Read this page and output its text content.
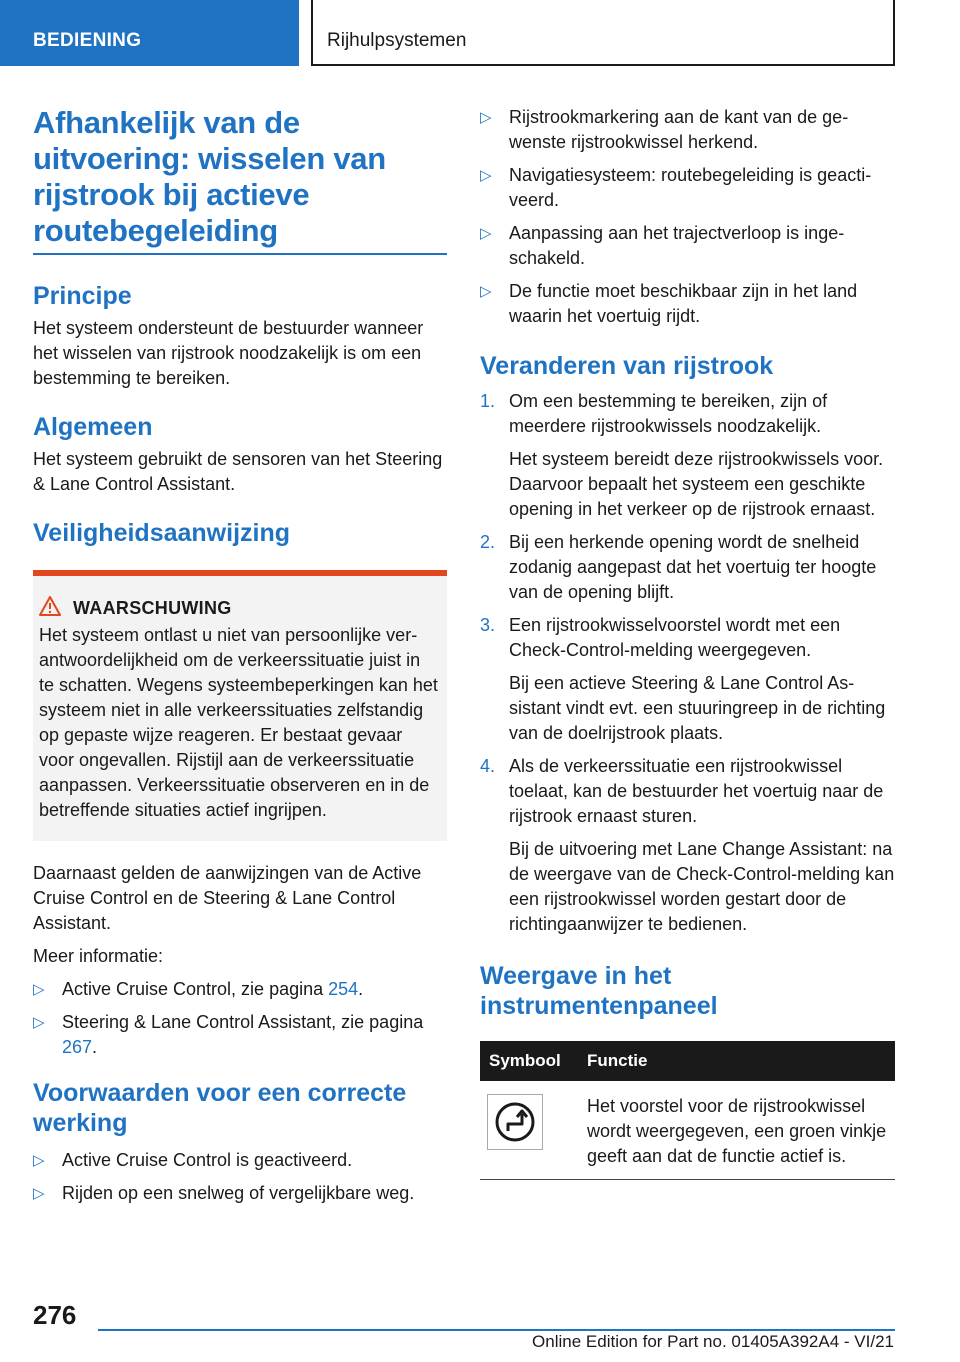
BEDIENING	Rijhulpsystemen
Afhankelijk van de uitvoering: wisselen van rijstrook bij actieve routebegeleiding
Principe

Het systeem ondersteunt de bestuurder wanneer het wisselen van rijstrook noodzakelijk is om een bestemming te bereiken.

Algemeen

Het systeem gebruikt de sensoren van het Steering & Lane Control Assistant.

Veiligheidsaanwijzing
WAARSCHUWING

Het systeem ontlast u niet van persoonlijke verantwoordelijkheid om de verkeerssituatie juist in te schatten. Wegens systeembeperkingen kan het systeem niet in alle verkeerssituaties zelfstandig op gepaste wijze reageren. Er bestaat gevaar voor ongevallen. Rijstijl aan de verkeerssituatie aanpassen. Verkeerssituatie observeren en in de betreffende situaties actief ingrijpen.

Daarnaast gelden de aanwijzingen van de Active Cruise Control en de Steering & Lane Control Assistant.

Meer informatie:

▷ Active Cruise Control, zie pagina 254.
▷ Steering & Lane Control Assistant, zie pagina 267.
Voorwaarden voor een correcte werking
▷ Active Cruise Control is geactiveerd.
▷ Rijden op een snelweg of vergelijkbare weg.
▷ Rijstrookmarkering aan de kant van de gewenste rijstrookwissel herkend.
▷ Navigatiesysteem: routebegeleiding is geactiveerd.
▷ Aanpassing aan het trajectverloop is ingeschakeld.
▷ De functie moet beschikbaar zijn in het land waarin het voertuig rijdt.
Veranderen van rijstrook
1. Om een bestemming te bereiken, zijn of meerdere rijstrookwissels noodzakelijk.

Het systeem bereidt deze rijstrookwissels voor. Daarvoor bepaalt het systeem een geschikte opening in het verkeer op de rijstrook ernaast.

2. Bij een herkende opening wordt de snelheid zodanig aangepast dat het voertuig ter hoogte van de opening blijft.

3. Een rijstrookwisselvoorstel wordt met een Check-Control-melding weergegeven.

Bij een actieve Steering & Lane Control Assistant vindt evt. een stuuringreep in de richting van de doelrijstrook plaats.

4. Als de verkeerssituatie een rijstrookwissel toelaat, kan de bestuurder het voertuig naar de rijstrook ernaast sturen.

Bij de uitvoering met Lane Change Assistant: na de weergave van de Check-Control-melding kan een rijstrookwissel worden gestart door de richtingaanwijzer te bedienen.

Weergave in het instrumentenpaneel
Symbool	Functie

	Het voorstel voor de rijstrookwissel wordt weergegeven, een groen vinkje geeft aan dat de functie actief is.
276
Online Edition for Part no. 01405A392A4 - VI/21
